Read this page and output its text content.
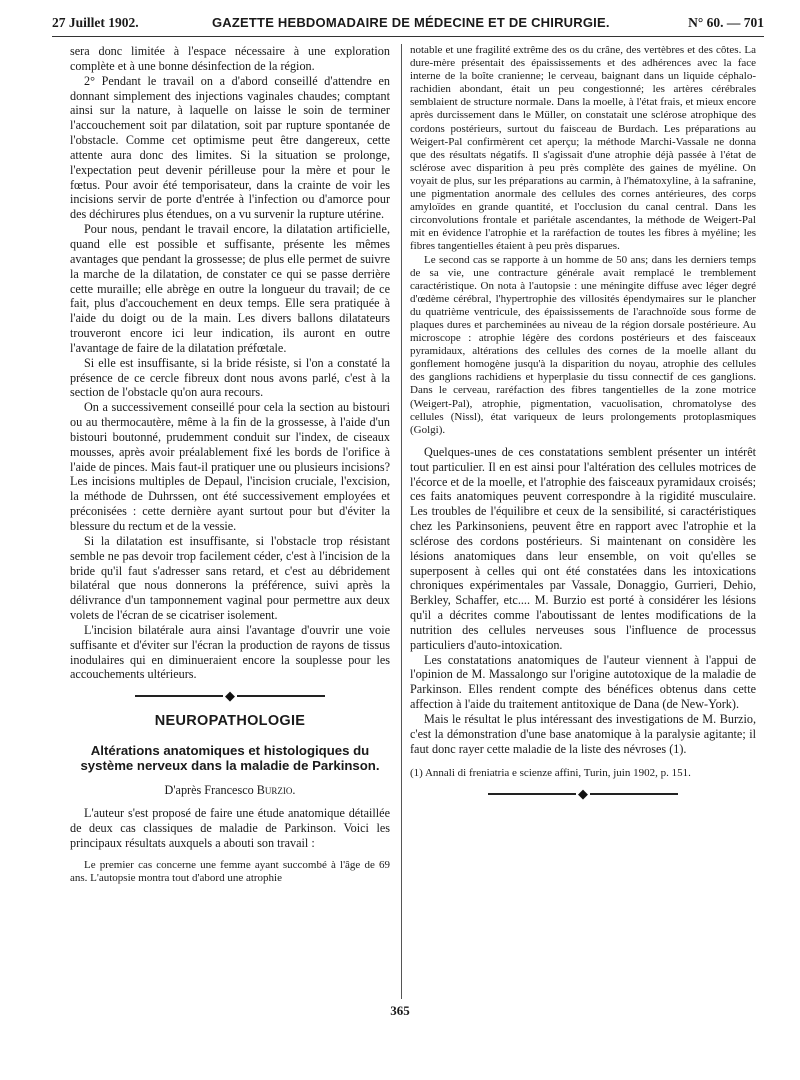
27 Juillet 1902.	GAZETTE HEBDOMADAIRE DE MÉDECINE ET DE CHIRURGIE.	N° 60. — 701

sera donc limitée à l'espace nécessaire à une exploration complète et à une bonne désinfection de la région.

2° Pendant le travail on a d'abord conseillé d'attendre en donnant simplement des injections vaginales chaudes; comptant ainsi sur la nature, à laquelle on laisse le soin de terminer l'accouchement soit par dilatation, soit par rupture spontanée de l'obstacle. Comme cet optimisme peut être dangereux, cette attente aura donc des limites. Si la situation se prolonge, l'expectation peut devenir périlleuse pour la mère et pour le fœtus. Pour avoir été temporisateur, dans la crainte de voir les incisions servir de porte d'entrée à l'infection ou d'amorce pour des déchirures plus étendues, on a vu survenir la rupture utérine.

Pour nous, pendant le travail encore, la dilatation artificielle, quand elle est possible et suffisante, présente les mêmes avantages que pendant la grossesse; de plus elle permet de suivre la marche de la dilatation, de constater ce qui se passe derrière cette muraille; elle abrège en outre la longueur du travail; de ce fait, plus d'accouchement en deux temps. Elle sera pratiquée à l'aide du doigt ou de la main. Les divers ballons dilatateurs trouveront encore ici leur indication, ils auront en outre l'avantage de faire de la dilatation préfœtale.

Si elle est insuffisante, si la bride résiste, si l'on a constaté la présence de ce cercle fibreux dont nous avons parlé, c'est à la section de l'obstacle qu'on aura recours.

On a successivement conseillé pour cela la section au bistouri ou au thermocautère, même à la fin de la grossesse, à l'aide d'un bistouri boutonné, prudemment conduit sur l'index, de ciseaux mousses, après avoir préalablement fixé les bords de l'orifice à l'aide de pinces. Mais faut-il pratiquer une ou plusieurs incisions? Les incisions multiples de Depaul, l'incision cruciale, l'excision, la méthode de Duhrssen, ont été successivement employées et préconisées : cette dernière ayant surtout pour but d'éviter la blessure du rectum et de la vessie.

Si la dilatation est insuffisante, si l'obstacle trop résistant semble ne pas devoir trop facilement céder, c'est à l'incision de la bride qu'il faut s'adresser sans retard, et c'est au débridement bilatéral que nous donnerons la préférence, suivi après la délivrance d'un tamponnement vaginal pour permettre aux deux volets de l'écran de se cicatriser isolement.

L'incision bilatérale aura ainsi l'avantage d'ouvrir une voie suffisante et d'éviter sur l'écran la production de rayons de tissus inodulaires qui en diminueraient encore la souplesse pour les accouchements ultérieurs.

◆
NEUROPATHOLOGIE
Altérations anatomiques et histologiques du système nerveux dans la maladie de Parkinson.
D'après Francesco Burzio.

L'auteur s'est proposé de faire une étude anatomique détaillée de deux cas classiques de maladie de Parkinson. Voici les principaux résultats auxquels a abouti son travail :

Le premier cas concerne une femme ayant succombé à l'âge de 69 ans. L'autopsie montra tout d'abord une atrophie

notable et une fragilité extrême des os du crâne, des vertèbres et des côtes. La dure-mère présentait des épaississements et des adhérences avec la face interne de la boîte cranienne; le cerveau, baignant dans un liquide céphalo-rachidien abondant, était un peu congestionné; les artères cérébrales semblaient de structure normale. Dans la moelle, à l'état frais, et mieux encore après durcissement dans le Müller, on constatait une sclérose atrophique des cordons postérieurs, surtout du faisceau de Burdach. Les préparations au Weigert-Pal confirmèrent cet aperçu; la méthode Marchi-Vassale ne donna que des résultats négatifs. Il s'agissait d'une atrophie déjà passée à l'état de sclérose avec disparition à peu près complète des gaines de myéline. On voyait de plus, sur les préparations au carmin, à l'hématoxyline, à la safranine, une pigmentation anormale des cellules des cornes antérieures, des corps amyloïdes en grande quantité, et l'occlusion du canal central. Dans les circonvolutions frontale et pariétale ascendantes, la méthode de Weigert-Pal mit en évidence l'atrophie et la raréfaction de toutes les fibres à myéline; les fibres tangentielles étaient à peu près disparues.

Le second cas se rapporte à un homme de 50 ans; dans les derniers temps de sa vie, une contracture générale avait remplacé le tremblement caractéristique. On nota à l'autopsie : une méningite diffuse avec léger degré d'œdème cérébral, l'hypertrophie des villosités épendymaires sur le plancher du quatrième ventricule, des épaississements de l'arachnoïde sous forme de plaques dures et parcheminées au niveau de la région dorsale postérieure. Au microscope : atrophie légère des cordons postérieurs et des faisceaux pyramidaux, altérations des cellules des cornes de la moelle allant du gonflement homogène jusqu'à la disparition du noyau, atrophie des cellules des ganglions rachidiens et hyperplasie du tissu connectif de ces ganglions. Dans le cerveau, raréfaction des fibres tangentielles de la zone motrice (Weigert-Pal), atrophie, pigmentation, vacuolisation, chromatolyse des cellules (Nissl), état variqueux de leurs prolongements protoplasmiques (Golgi).

Quelques-unes de ces constatations semblent présenter un intérêt tout particulier. Il en est ainsi pour l'altération des cellules motrices de l'écorce et de la moelle, et l'atrophie des faisceaux pyramidaux croisés; ces faits anatomiques peuvent correspondre à la rigidité musculaire. Les troubles de l'équilibre et ceux de la sensibilité, si caractéristiques chez les Parkinsoniens, peuvent être en rapport avec l'atrophie et la sclérose des cordons postérieurs. Si maintenant on considère les lésions anatomiques dans leur ensemble, on voit qu'elles se superposent à celles qui ont été constatées dans les intoxications chroniques expérimentales par Vassale, Donaggio, Gurrieri, Dehio, Berkley, Schaffer, etc.... M. Burzio est porté à considérer les lésions qu'il a décrites comme l'aboutissant de lentes modifications de la nutrition des cellules nerveuses sous l'influence de processus particuliers d'auto-intoxication.

Les constatations anatomiques de l'auteur viennent à l'appui de l'opinion de M. Massalongo sur l'origine autotoxique de la maladie de Parkinson. Elles rendent compte des bénéfices obtenus dans cette affection à l'aide du traitement antitoxique de Dana (de New-York).

Mais le résultat le plus intéressant des investigations de M. Burzio, c'est la démonstration d'une base anatomique à la paralysie agitante; il faut donc rayer cette maladie de la liste des névroses (1).

(1) Annali di freniatria e scienze affini, Turin, juin 1902, p. 151.
◆
365
